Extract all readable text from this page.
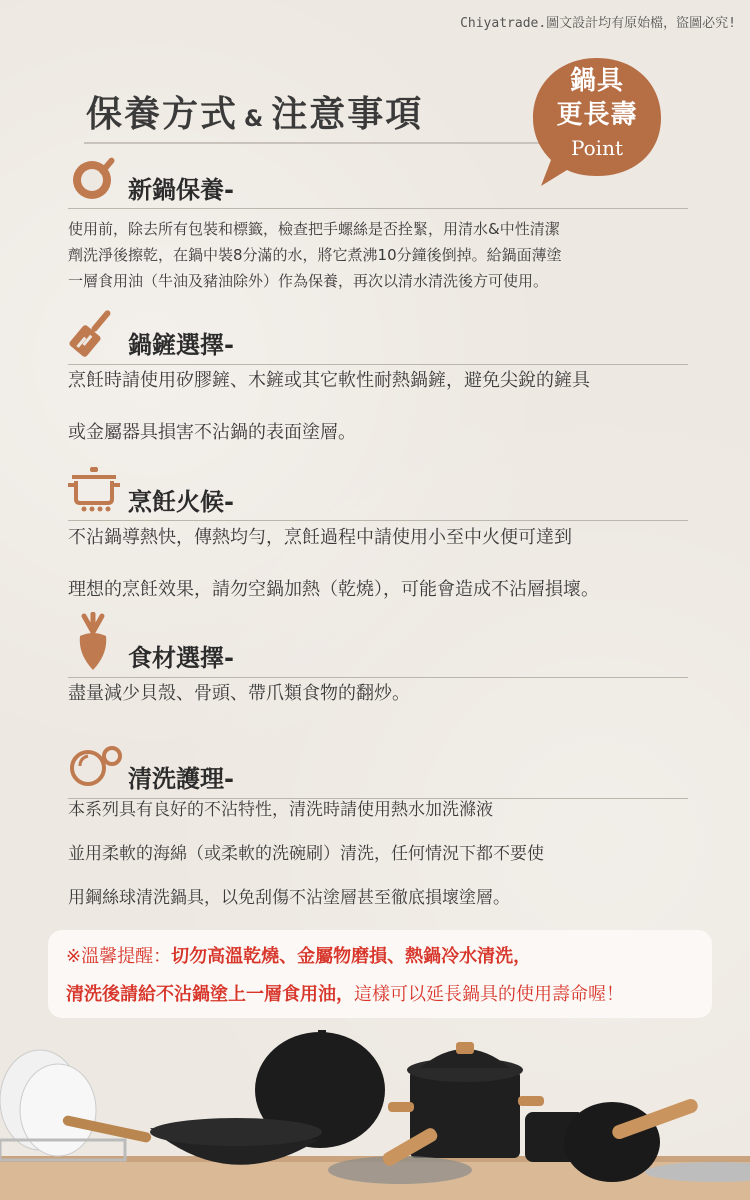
Chiyatrade.圖文設計均有原始檔，盜圖必究!
保養方式 & 注意事項
鍋具
更長壽
Point
新鍋保養-
使用前，除去所有包裝和標籤，檢查把手螺絲是否拴緊，用清水&中性清潔
劑洗淨後擦乾，在鍋中裝8分滿的水，將它煮沸10分鐘後倒掉。給鍋面薄塗
一層食用油（牛油及豬油除外）作為保養，再次以清水清洗後方可使用。
鍋鏟選擇-
烹飪時請使用矽膠鏟、木鏟或其它軟性耐熱鍋鏟，避免尖銳的鏟具
或金屬器具損害不沾鍋的表面塗層。
烹飪火候-
不沾鍋導熱快，傳熱均勻，烹飪過程中請使用小至中火便可達到
理想的烹飪效果，請勿空鍋加熱（乾燒），可能會造成不沾層損壞。
食材選擇-
盡量減少貝殼、骨頭、帶爪類食物的翻炒。
清洗護理-
本系列具有良好的不沾特性，清洗時請使用熱水加洗滌液
並用柔軟的海綿（或柔軟的洗碗刷）清洗，任何情況下都不要使
用鋼絲球清洗鍋具，以免刮傷不沾塗層甚至徹底損壞塗層。
※溫馨提醒：切勿高溫乾燒、金屬物磨損、熱鍋冷水清洗，
清洗後請給不沾鍋塗上一層食用油，這樣可以延長鍋具的使用壽命喔！
